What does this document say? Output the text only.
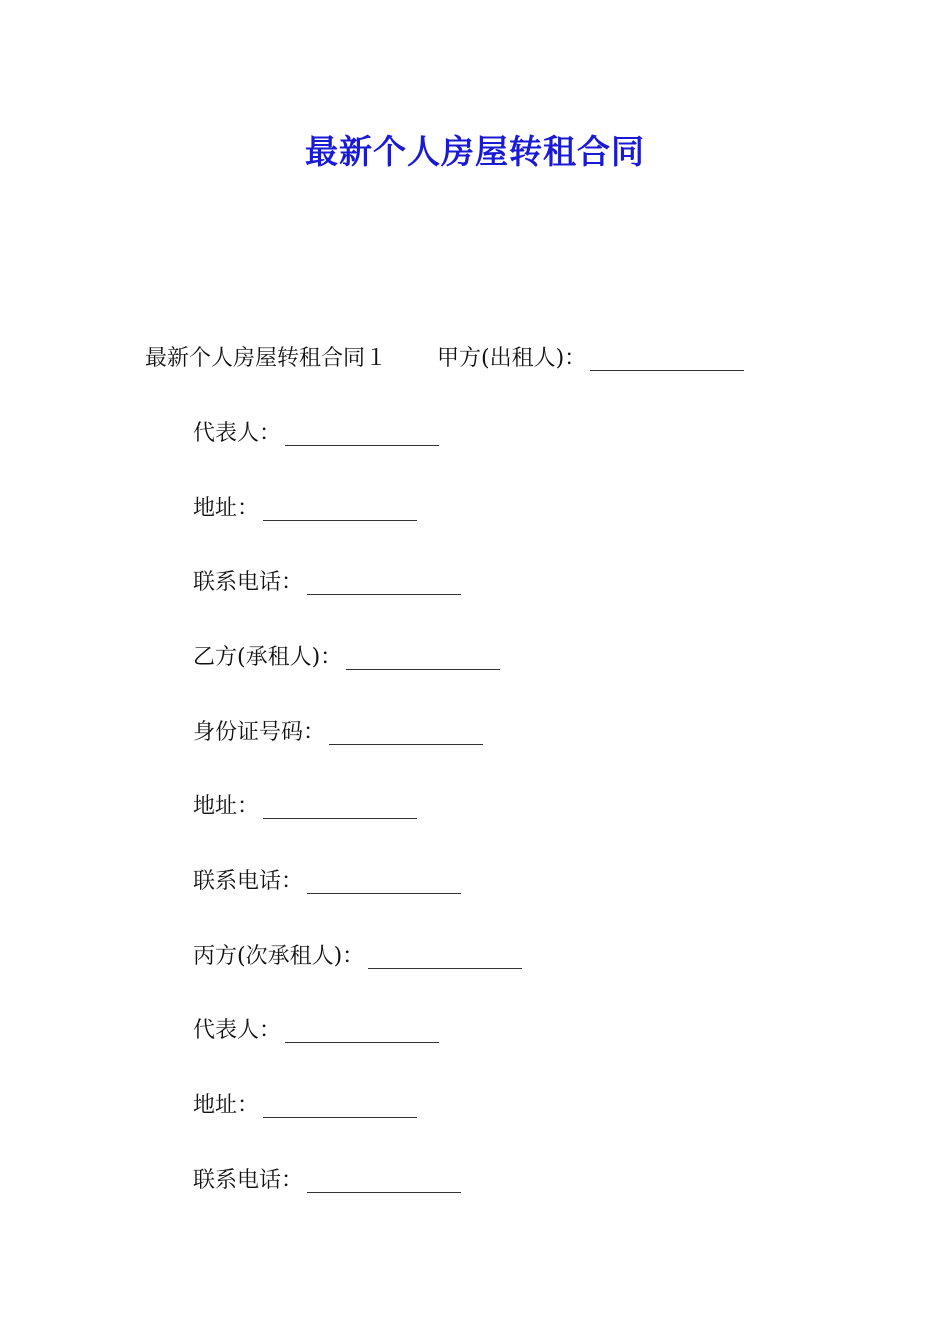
最新个人房屋转租合同
最新个人房屋转租合同１ 甲方(出租人)：
代表人：
地址：
联系电话：
乙方(承租人)：
身份证号码：
地址：
联系电话：
丙方(次承租人)：
代表人：
地址：
联系电话：
